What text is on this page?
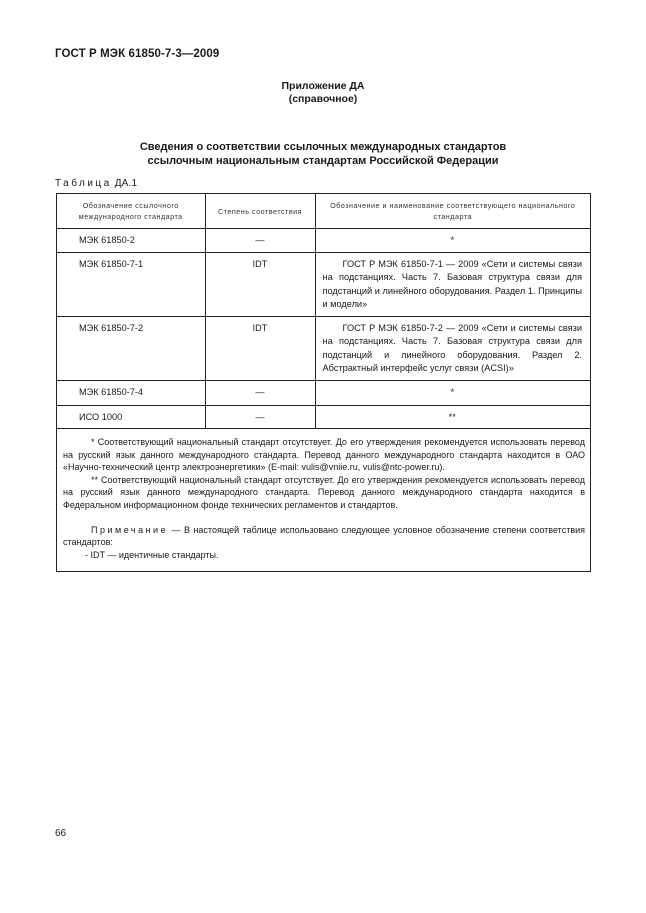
ГОСТ Р МЭК 61850-7-3—2009
Приложение ДА
(справочное)
Сведения о соответствии ссылочных международных стандартов
ссылочным национальным стандартам Российской Федерации
Таблица ДА.1
Обозначение ссылочного международного стандарта	Степень соответствия	Обозначение и наименование соответствующего национального стандарта
МЭК 61850-2	—	*
МЭК 61850-7-1	IDT	ГОСТ Р МЭК 61850-7-1 — 2009 «Сети и системы связи на подстанциях. Часть 7. Базовая структура связи для подстанций и линейного оборудования. Раздел 1. Принципы и модели»

МЭК 61850-7-2	IDT	ГОСТ Р МЭК 61850-7-2 — 2009 «Сети и системы связи на подстанциях. Часть 7. Базовая структура связи для подстанций и линейного оборудования. Раздел 2. Абстрактный интерфейс услуг связи (ACSI)»

МЭК 61850-7-4	—	*
ИСО 1000	—	**

* Соответствующий национальный стандарт отсутствует. До его утверждения рекомендуется использовать перевод на русский язык данного международного стандарта. Перевод данного международного стандарта находится в ОАО «Научно-технический центр электроэнергетики» (E-mail: vulis@vniie.ru, vulis@ntc-power.ru).

** Соответствующий национальный стандарт отсутствует. До его утверждения рекомендуется использовать перевод на русский язык данного международного стандарта. Перевод данного международного стандарта находится в Федеральном информационном фонде технических регламентов и стандартов.

Примечание — В настоящей таблице использовано следующее условное обозначение степени соответствия стандартов:

- IDT — идентичные стандарты.

66
